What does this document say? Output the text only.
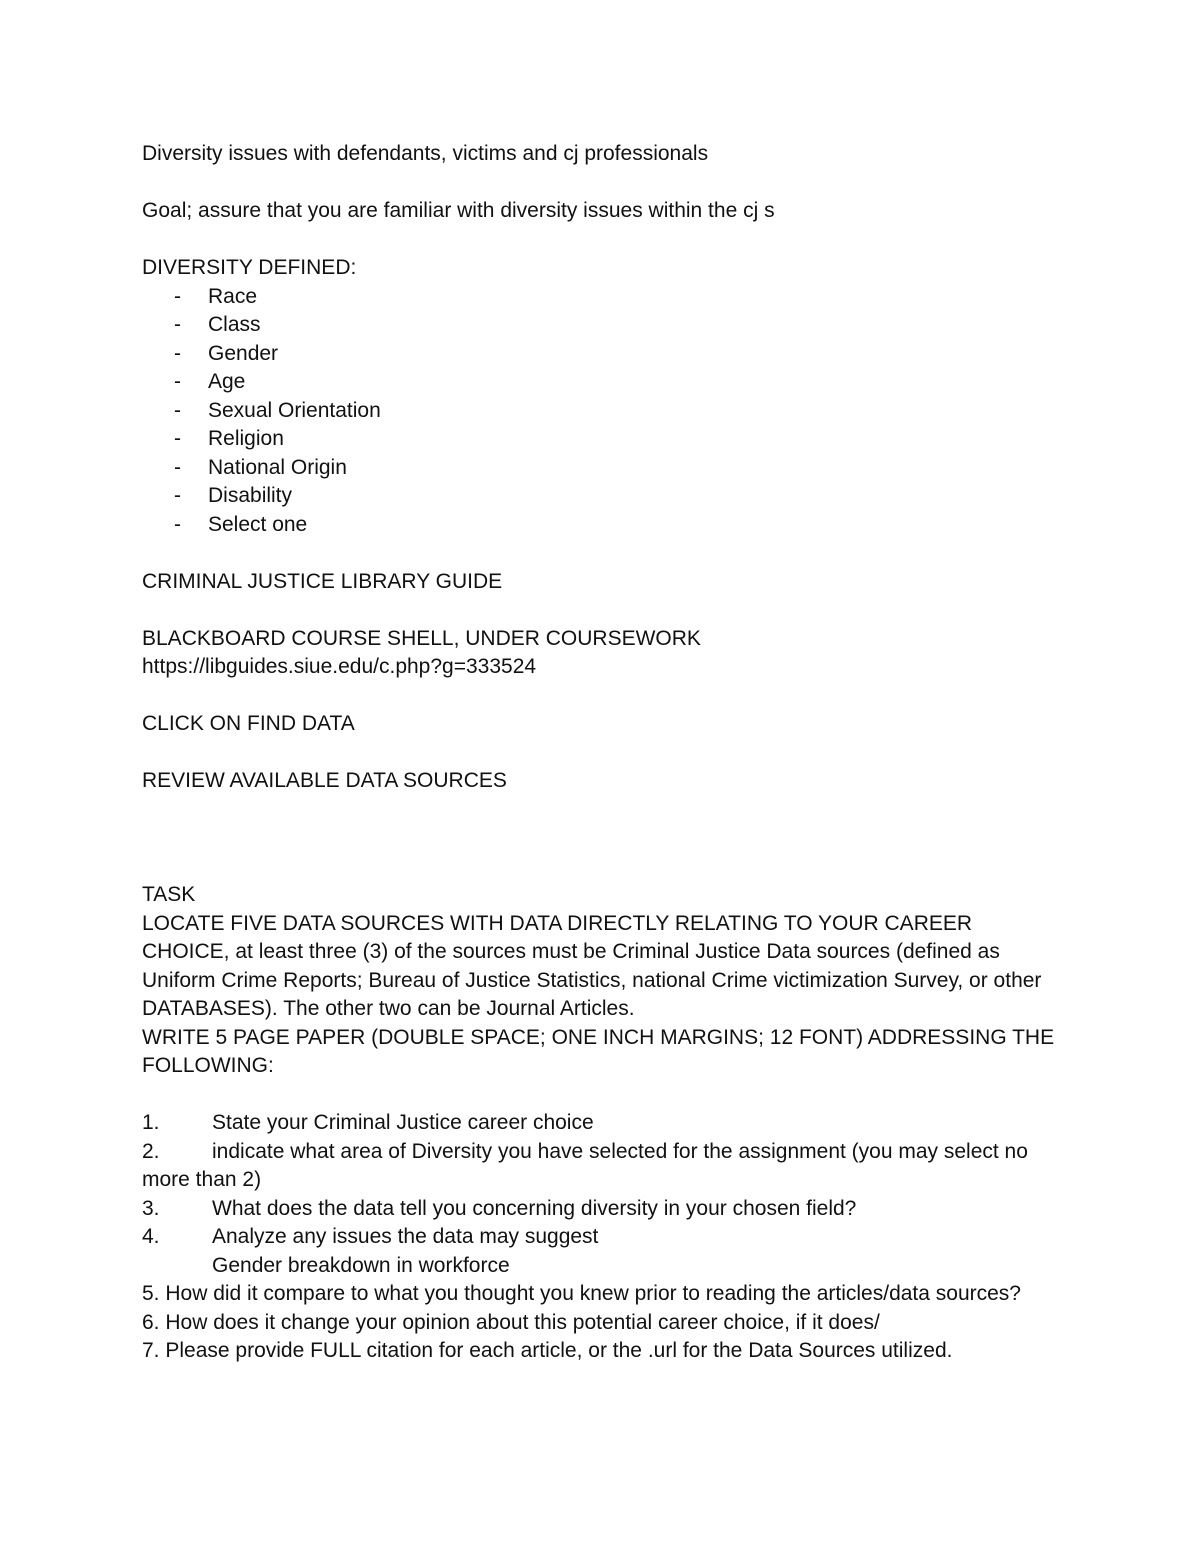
Diversity issues with defendants, victims and cj professionals

Goal; assure that you are familiar with diversity issues within the cj s

DIVERSITY DEFINED:

-	Race
-	Class
-	Gender
-	Age
-	Sexual Orientation
-	Religion
-	National Origin
-	Disability
-	Select one

CRIMINAL JUSTICE LIBRARY GUIDE

BLACKBOARD COURSE SHELL, UNDER COURSEWORK

https://libguides.siue.edu/c.php?g=333524

CLICK ON FIND DATA

REVIEW AVAILABLE DATA SOURCES

TASK

LOCATE FIVE DATA SOURCES WITH DATA DIRECTLY RELATING TO YOUR CAREER CHOICE, at least three (3) of the sources must be Criminal Justice Data sources (defined as Uniform Crime Reports; Bureau of Justice Statistics, national Crime victimization Survey, or other DATABASES). The other two can be Journal Articles.

WRITE 5 PAGE PAPER (DOUBLE SPACE; ONE INCH MARGINS; 12 FONT) ADDRESSING THE FOLLOWING:

1. State your Criminal Justice career choice
2. indicate what area of Diversity you have selected for the assignment (you may select no
more than 2)
3. What does the data tell you concerning diversity in your chosen field?
4. Analyze any issues the data may suggest
Gender breakdown in workforce

5. How did it compare to what you thought you knew prior to reading the articles/data sources?

6. How does it change your opinion about this potential career choice, if it does/

7. Please provide FULL citation for each article, or the .url for the Data Sources utilized.
